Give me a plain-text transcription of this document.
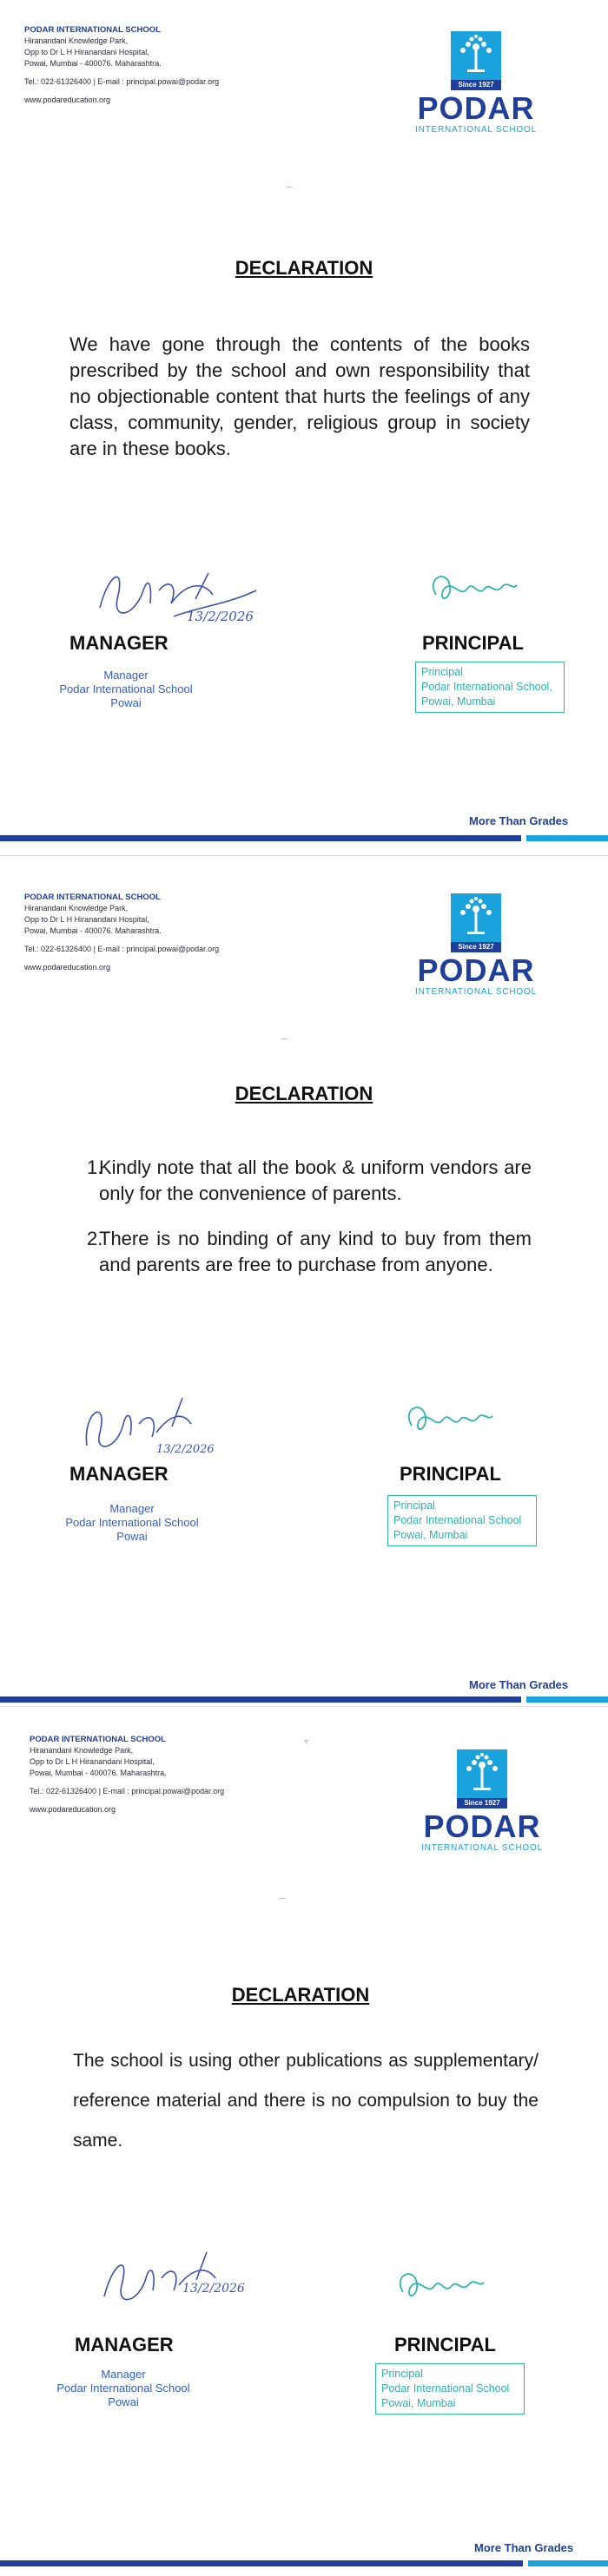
PODAR INTERNATIONAL SCHOOL
Hiranandani Knowledge Park,
Opp to Dr L H Hiranandani Hospital,
Powai, Mumbai - 400076. Maharashtra.
Tel.: 022-61326400 | E-mail : principal.powai@podar.org
www.podareducation.org
Since 1927
PODAR
INTERNATIONAL SCHOOL
⌒
DECLARATION
We have gone through the contents of the books prescribed by the school and own responsibility that no objectionable content that hurts the feelings of any class, community, gender, religious group in society are in these books.
13/2/2026
MANAGER
Manager
Podar International School
Powai
PRINCIPAL
Principal
Podar International School,
Powai, Mumbai
More Than Grades
PODAR INTERNATIONAL SCHOOL
Hiranandani Knowledge Park,
Opp to Dr L H Hiranandani Hospital,
Powai, Mumbai - 400076. Maharashtra.
Tel.: 022-61326400 | E-mail : principal.powai@podar.org
www.podareducation.org
Since 1927
PODAR
INTERNATIONAL SCHOOL
⌒
DECLARATION
1.
Kindly note that all the book & uniform vendors are only for the convenience of parents.
2.
There is no binding of any kind to buy from them and parents are free to purchase from anyone.
13/2/2026
MANAGER
Manager
Podar International School
Powai
PRINCIPAL
Principal
Podar International School
Powai, Mumbai
More Than Grades
PODAR INTERNATIONAL SCHOOL
Hiranandani Knowledge Park,
Opp to Dr L H Hiranandani Hospital,
Powai, Mumbai - 400076. Maharashtra.
Tel.: 022-61326400 | E-mail : principal.powai@podar.org
www.podareducation.org
Since 1927
PODAR
INTERNATIONAL SCHOOL
▿
⌒
DECLARATION
The school is using other publications as supplementary/ reference material and there is no compulsion to buy the same.
13/2/2026
MANAGER
Manager
Podar International School
Powai
PRINCIPAL
Principal
Podar International School
Powai, Mumbai
More Than Grades
